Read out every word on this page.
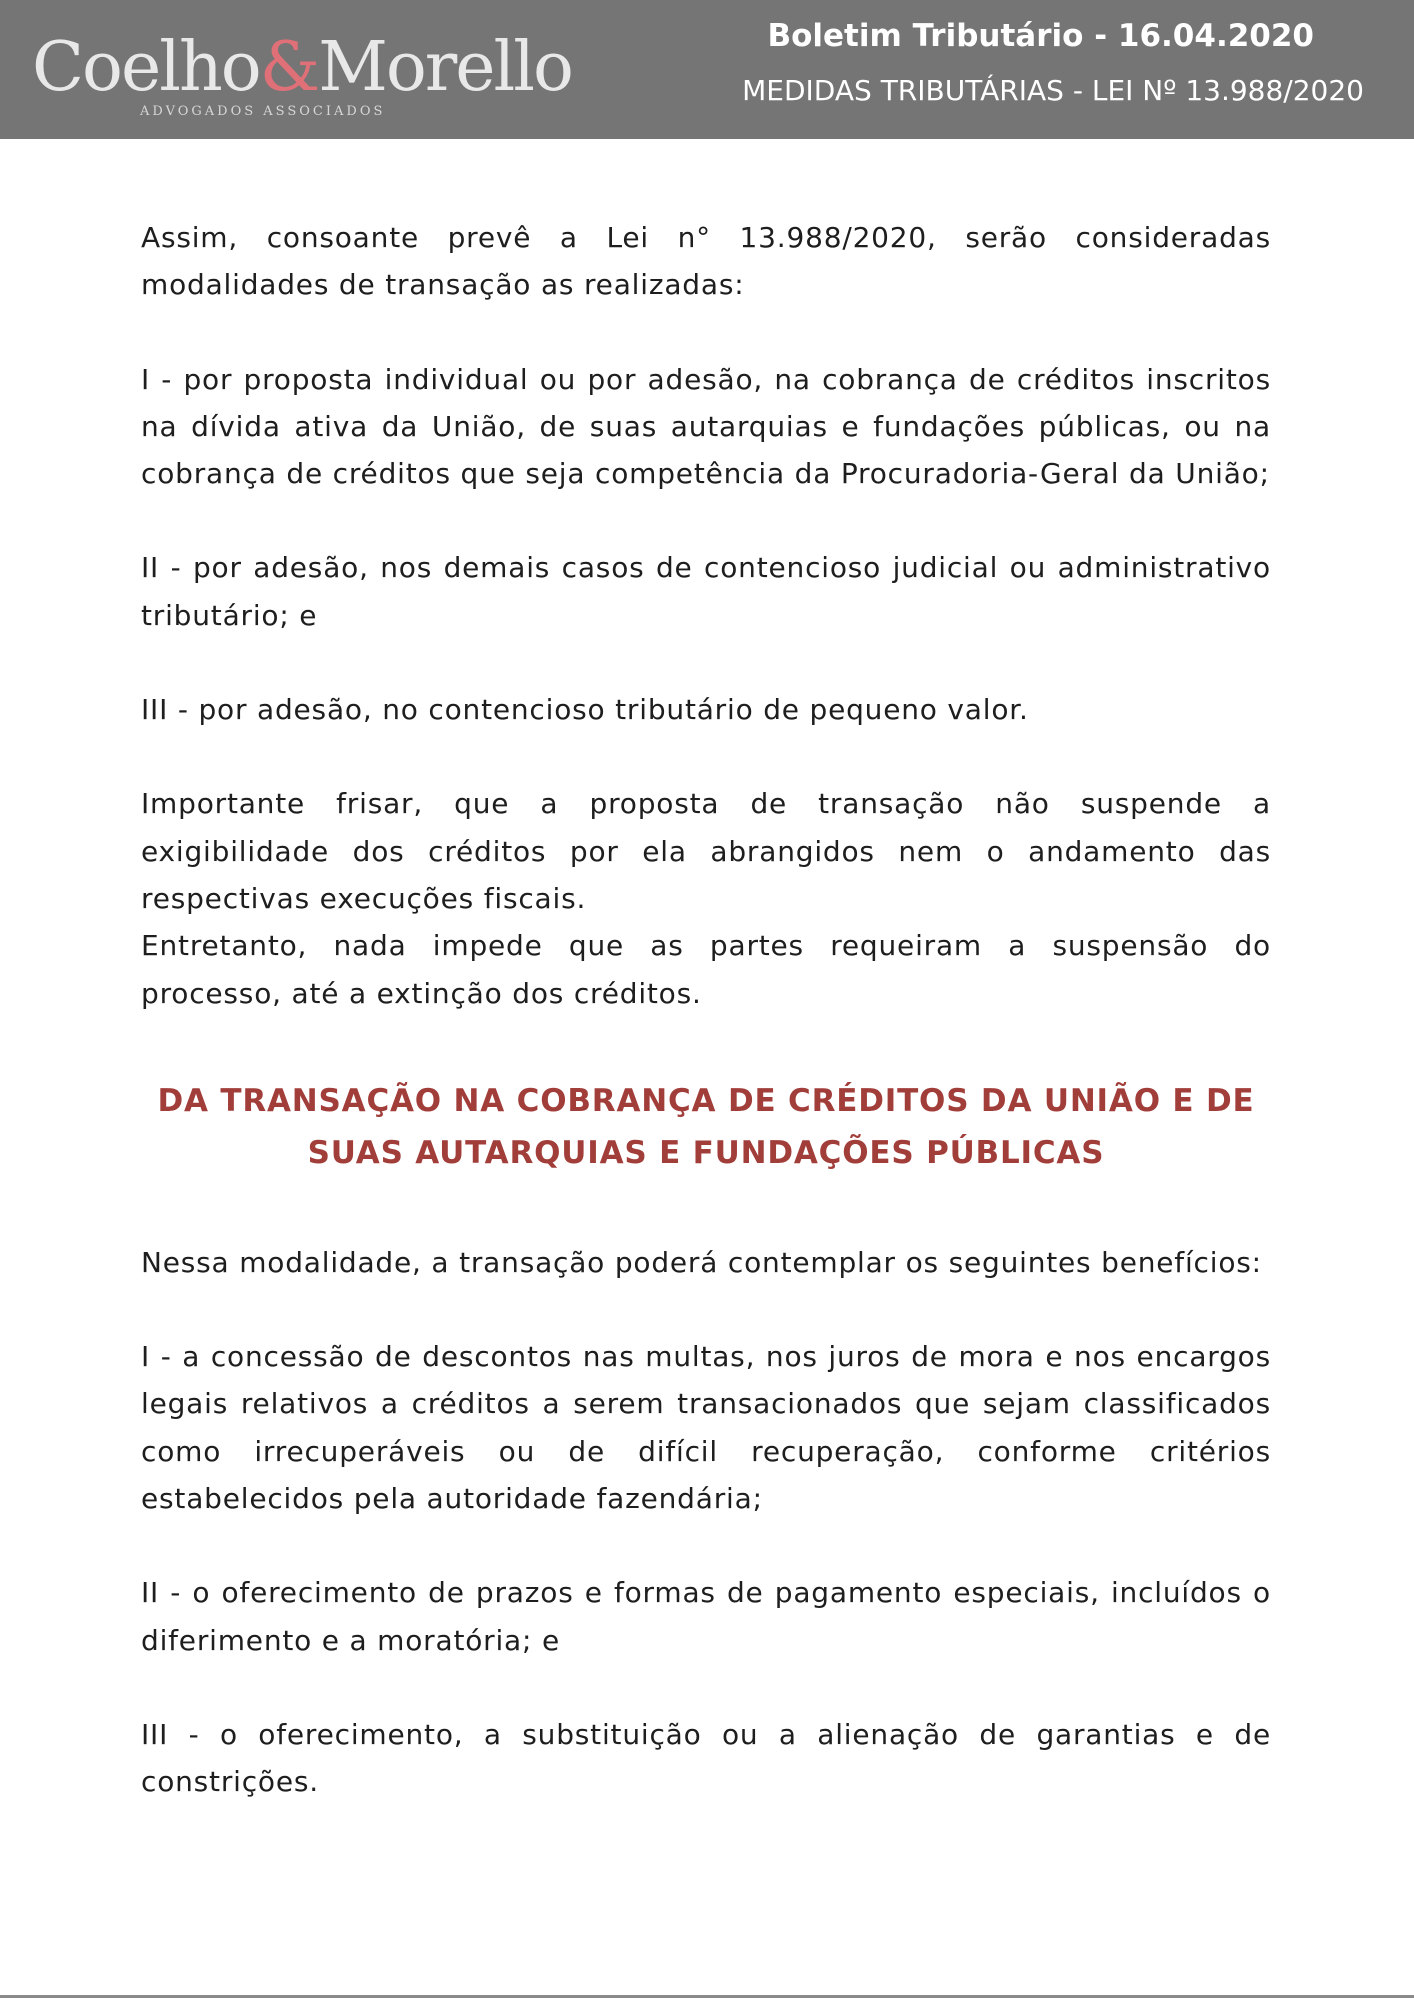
Coelho&Morello
ADVOGADOS ASSOCIADOS
Boletim Tributário - 16.04.2020
MEDIDAS TRIBUTÁRIAS - LEI Nº 13.988/2020

Assim, consoante prevê a Lei n° 13.988/2020, serão consideradas modalidades de transação as realizadas:

I - por proposta individual ou por adesão, na cobrança de créditos inscritos na dívida ativa da União, de suas autarquias e fundações públicas, ou na cobrança de créditos que seja competência da Procuradoria-Geral da União;

II - por adesão, nos demais casos de contencioso judicial ou administrativo tributário; e

III - por adesão, no contencioso tributário de pequeno valor.

Importante frisar, que a proposta de transação não suspende a exigibilidade dos créditos por ela abrangidos nem o andamento das respectivas execuções fiscais.

Entretanto, nada impede que as partes requeiram a suspensão do processo, até a extinção dos créditos.

DA TRANSAÇÃO NA COBRANÇA DE CRÉDITOS DA UNIÃO E DE SUAS AUTARQUIAS E FUNDAÇÕES PÚBLICAS

Nessa modalidade, a transação poderá contemplar os seguintes benefícios:

I - a concessão de descontos nas multas, nos juros de mora e nos encargos legais relativos a créditos a serem transacionados que sejam classificados como irrecuperáveis ou de difícil recuperação, conforme critérios estabelecidos pela autoridade fazendária;

II - o oferecimento de prazos e formas de pagamento especiais, incluídos o diferimento e a moratória; e

III - o oferecimento, a substituição ou a alienação de garantias e de constrições.
